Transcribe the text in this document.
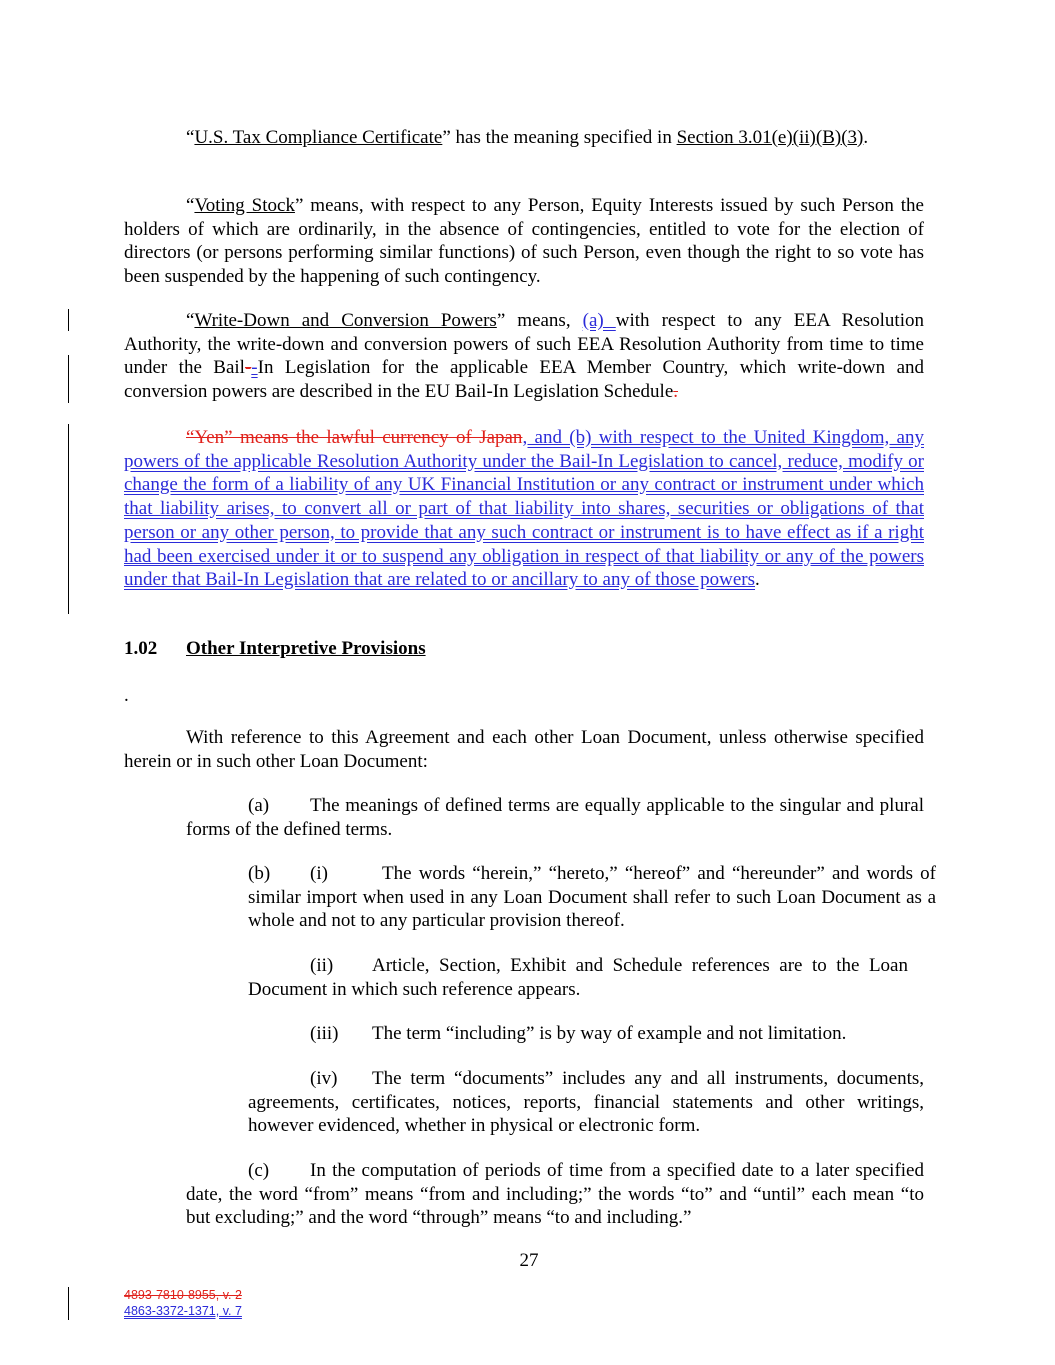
“U.S. Tax Compliance Certificate” has the meaning specified in Section 3.01(e)(ii)(B)(3).

“Voting Stock” means, with respect to any Person, Equity Interests issued by such Person the holders of which are ordinarily, in the absence of contingencies, entitled to vote for the election of directors (or persons performing similar functions) of such Person, even though the right to so vote has been suspended by the happening of such contingency.

“Write-Down and Conversion Powers” means, (a) with respect to any EEA Resolution Authority, the write-down and conversion powers of such EEA Resolution Authority from time to time under the Bail--In Legislation for the applicable EEA Member Country, which write-down and conversion powers are described in the EU Bail-In Legislation Schedule.

“Yen” means the lawful currency of Japan, and (b) with respect to the United Kingdom, any powers of the applicable Resolution Authority under the Bail-In Legislation to cancel, reduce, modify or change the form of a liability of any UK Financial Institution or any contract or instrument under which that liability arises, to convert all or part of that liability into shares, securities or obligations of that person or any other person, to provide that any such contract or instrument is to have effect as if a right had been exercised under it or to suspend any obligation in respect of that liability or any of the powers under that Bail-In Legislation that are related to or ancillary to any of those powers.

1.02 Other Interpretive Provisions
.

With reference to this Agreement and each other Loan Document, unless otherwise specified herein or in such other Loan Document:

(a) The meanings of defined terms are equally applicable to the singular and plural forms of the defined terms.

(b) (i)	The words “herein,” “hereto,” “hereof” and “hereunder” and words of similar import when used in any Loan Document shall refer to such Loan Document as a whole and not to any particular provision thereof.

(ii) Article, Section, Exhibit and Schedule references are to the Loan Document in which such reference appears.

(iii) The term “including” is by way of example and not limitation.

(iv) The term “documents” includes any and all instruments, documents, agreements, certificates, notices, reports, financial statements and other writings, however evidenced, whether in physical or electronic form.

(c) In the computation of periods of time from a specified date to a later specified date, the word “from” means “from and including;” the words “to” and “until” each mean “to but excluding;” and the word “through” means “to and including.”

27
4893-7810-8955, v. 2
4863-3372-1371, v. 7
